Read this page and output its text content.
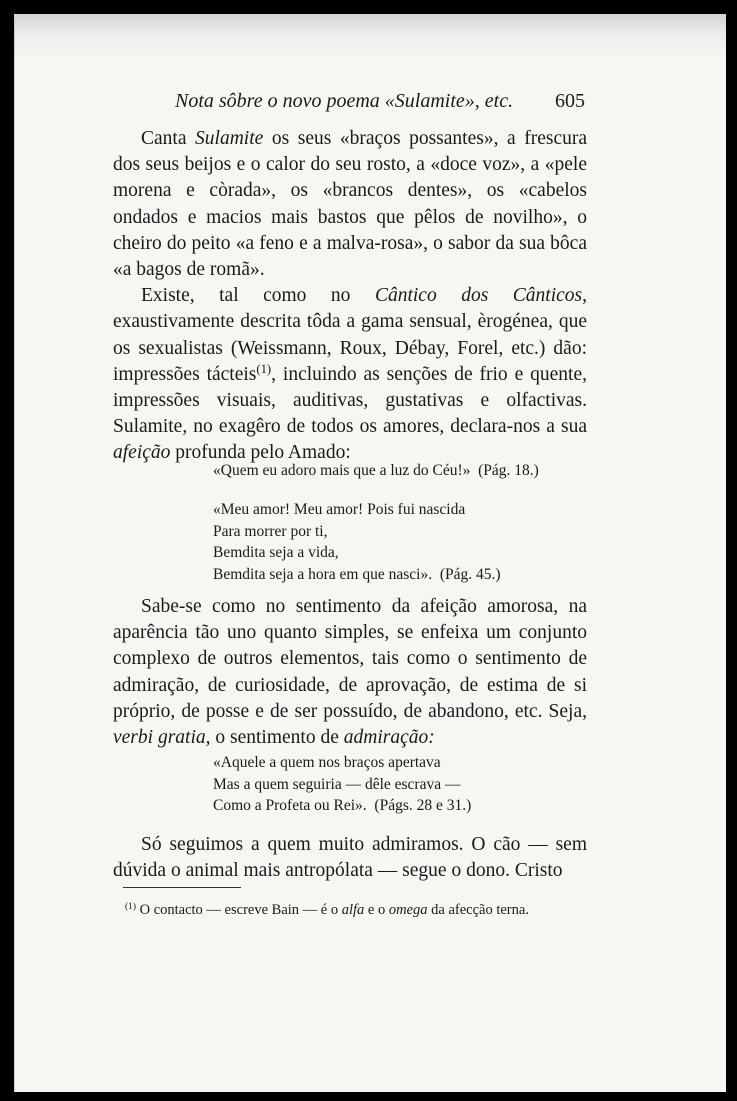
Nota sôbre o novo poema «Sulamite», etc. 605

Canta Sulamite os seus «braços possantes», a frescura dos seus beijos e o calor do seu rosto, a «doce voz», a «pele morena e còrada», os «brancos dentes», os «cabelos ondados e macios mais bastos que pêlos de novilho», o cheiro do peito «a feno e a malva-rosa», o sabor da sua bôca «a bagos de romã».

Existe, tal como no Cântico dos Cânticos, exaustivamente descrita tôda a gama sensual, èrogénea, que os sexualistas (Weissmann, Roux, Débay, Forel, etc.) dão: impressões tácteis$^{(1)}$, incluindo as senções de frio e quente, impressões visuais, auditivas, gustativas e olfactivas. Sulamite, no exagêro de todos os amores, declara-nos a sua afeição profunda pelo Amado:

«Quem eu adoro mais que a luz do Céu!»  (Pág. 18.)
«Meu amor! Meu amor! Pois fui nascida
Para morrer por ti,
Bemdita seja a vida,
Bemdita seja a hora em que nasci».  (Pág. 45.)

Sabe-se como no sentimento da afeição amorosa, na aparência tão uno quanto simples, se enfeixa um conjunto complexo de outros elementos, tais como o sentimento de admiração, de curiosidade, de aprovação, de estima de si próprio, de posse e de ser possuído, de abandono, etc. Seja, verbi gratia, o sentimento de admiração:

«Aquele a quem nos braços apertava
Mas a quem seguiria — dêle escrava —
Como a Profeta ou Rei».  (Págs. 28 e 31.)

Só seguimos a quem muito admiramos. O cão — sem dúvida o animal mais antropólata — segue o dono. Cristo

$^{(1)}$ O contacto — escreve Bain — é o alfa e o omega da afecção terna.
